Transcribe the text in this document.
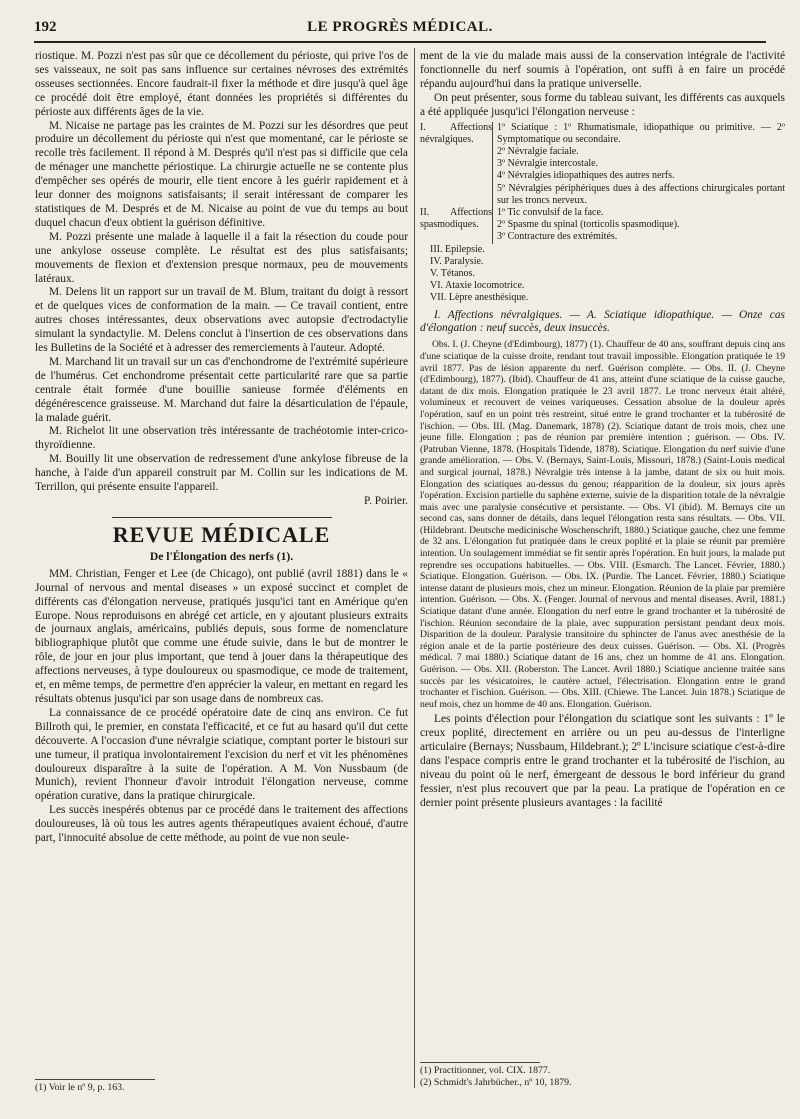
192	LE PROGRÈS MÉDICAL.

riostique. M. Pozzi n'est pas sûr que ce décollement du périoste, qui prive l'os de ses vaisseaux, ne soit pas sans influence sur certaines névroses des extrémités osseuses sectionnées. Encore faudrait-il fixer la méthode et dire jusqu'à quel âge ce procédé doit être employé, étant données les propriétés si différentes du périoste aux différents âges de la vie.

M. Nicaise ne partage pas les craintes de M. Pozzi sur les désordres que peut produire un décollement du périoste qui n'est que momentané, car le périoste se recolle très facilement. Il répond à M. Després qu'il n'est pas si difficile que cela de ménager une manchette périostique. La chirurgie actuelle ne se contente plus d'empêcher ses opérés de mourir, elle tient encore à les guérir rapidement et à leur donner des moignons satisfaisants; il serait intéressant de comparer les statistiques de M. Després et de M. Nicaise au point de vue du temps au bout duquel chacun d'eux obtient la guérison définitive.

M. Pozzi présente une malade à laquelle il a fait la résection du coude pour une ankylose osseuse complète. Le résultat est des plus satisfaisants; mouvements de flexion et d'extension presque normaux, peu de mouvements latéraux.

M. Delens lit un rapport sur un travail de M. Blum, traitant du doigt à ressort et de quelques vices de conformation de la main. — Ce travail contient, entre autres choses intéressantes, deux observations avec autopsie d'ectrodactylie simulant la syndactylie. M. Delens conclut à l'insertion de ces observations dans les Bulletins de la Société et à adresser des remerciements à l'auteur. Adopté.

M. Marchand lit un travail sur un cas d'enchondrome de l'extrémité supérieure de l'humérus. Cet enchondrome présentait cette particularité rare que sa partie centrale était formée d'une bouillie sanieuse formée d'éléments en dégénérescence graisseuse. M. Marchand dut faire la désarticulation de l'épaule, la malade guérit.

M. Richelot lit une observation très intéressante de trachéotomie inter-crico-thyroïdienne.

M. Bouilly lit une observation de redressement d'une ankylose fibreuse de la hanche, à l'aide d'un appareil construit par M. Collin sur les indications de M. Terrillon, qui présente ensuite l'appareil.

P. Poirier.

REVUE MÉDICALE
De l'Élongation des nerfs (1).

MM. Christian, Fenger et Lee (de Chicago), ont publié (avril 1881) dans le « Journal of nervous and mental diseases » un exposé succinct et complet de différents cas d'élongation nerveuse, pratiqués jusqu'ici tant en Amérique qu'en Europe. Nous reproduisons en abrégé cet article, en y ajoutant plusieurs extraits de journaux anglais, américains, publiés depuis, sous forme de nomenclature bibliographique plutôt que comme une étude suivie, dans le but de montrer le rôle, de jour en jour plus important, que tend à jouer dans la thérapeutique des affections nerveuses, à type douloureux ou spasmodique, ce mode de traitement, et, en même temps, de permettre d'en apprécier la valeur, en mettant en regard les résultats obtenus jusqu'ici par son usage dans de nombreux cas.

La connaissance de ce procédé opératoire date de cinq ans environ. Ce fut Billroth qui, le premier, en constata l'efficacité, et ce fut au hasard qu'il dut cette découverte. A l'occasion d'une névralgie sciatique, comptant porter le bistouri sur une tumeur, il pratiqua involontairement l'excision du nerf et vit les phénomènes douloureux disparaître à la suite de l'opération. A M. Von Nussbaum (de Munich), revient l'honneur d'avoir introduit l'élongation nerveuse, comme opération curative, dans la pratique chirurgicale.

Les succès inespérés obtenus par ce procédé dans le traitement des affections douloureuses, là où tous les autres agents thérapeutiques avaient échoué, d'autre part, l'innocuité absolue de cette méthode, au point de vue non seule-

(1) Voir le nº 9, p. 163.

ment de la vie du malade mais aussi de la conservation intégrale de l'activité fonctionnelle du nerf soumis à l'opération, ont suffi à en faire un procédé répandu aujourd'hui dans la pratique universelle.

On peut présenter, sous forme du tableau suivant, les différents cas auxquels a été appliquée jusqu'ici l'élongation nerveuse :

I. Affections névralgiques.
1º Sciatique : 1º Rhumatismale, idiopathique ou primitive. — 2º Symptomatique ou secondaire.
2º Névralgie faciale.
3º Névralgie intercostale.
4º Névralgies idiopathiques des autres nerfs.
5º Névralgies périphériques dues à des affections chirurgicales portant sur les troncs nerveux.
II. Affections spasmodiques.
1º Tic convulsif de la face.
2º Spasme du spinal (torticolis spasmodique).
3º Contracture des extrémités.
III. Epilepsie.
IV. Paralysie.
V. Tétanos.
VI. Ataxie locomotrice.
VII. Lèpre anesthésique.

I. Affections névralgiques. — A. Sciatique idiopathique. — Onze cas d'élongation : neuf succès, deux insuccès.

Obs. I. (J. Cheyne (d'Edimbourg), 1877) (1). Chauffeur de 40 ans, souffrant depuis cinq ans d'une sciatique de la cuisse droite, rendant tout travail impossible. Elongation pratiquée le 19 avril 1877. Pas de lésion apparente du nerf. Guérison complète. — Obs. II. (J. Cheyne (d'Edimbourg), 1877). (Ibid). Chauffeur de 41 ans, atteint d'une sciatique de la cuisse gauche, datant de dix mois. Elongation pratiquée le 23 avril 1877. Le tronc nerveux était altéré, volumineux et recouvert de veines variqueuses. Cessation absolue de la douleur après l'opération, sauf en un point très restreint, situé entre le grand trochanter et la tubérosité de l'ischion. — Obs. III. (Mag. Danemark, 1878) (2). Sciatique datant de trois mois, chez une jeune fille. Elongation ; pas de réunion par première intention ; guérison. — Obs. IV. (Patruban Vienne, 1878. (Hospitals Tidende, 1878). Sciatique. Elongation du nerf suivie d'une grande amélioration. — Obs. V. (Bernays, Saint-Louis, Missouri, 1878.) (Saint-Louis medical and surgical journal, 1878.) Névralgie très intense à la jambe, datant de six ou huit mois. Elongation des sciatiques au-dessus du genou; réapparition de la douleur, six jours après l'opération. Excision partielle du saphène externe, suivie de la disparition totale de la névralgie mais avec une paralysie consécutive et persistante. — Obs. VI (ibid). M. Bernays cite un second cas, sans donner de détails, dans lequel l'élongation resta sans résultats. — Obs. VII. (Hildebrant. Deutsche medicinische Woschenschrift, 1880.) Sciatique gauche, chez une femme de 32 ans. L'élongation fut pratiquée dans le creux poplité et la plaie se réunit par première intention. Un soulagement immédiat se fit sentir après l'opération. En huit jours, la malade put reprendre ses occupations habituelles. — Obs. VIII. (Esmarch. The Lancet. Février, 1880.) Sciatique. Elongation. Guérison. — Obs. IX. (Purdie. The Lancet. Février, 1880.) Sciatique intense datant de plusieurs mois, chez un mineur. Elongation. Réunion de la plaie par première intention. Guérison. — Obs. X. (Fenger. Journal of nervous and mental diseases. Avril, 1881.) Sciatique datant d'une année. Elongation du nerf entre le grand trochanter et la tubérosité de l'ischion. Réunion secondaire de la plaie, avec suppuration persistant pendant deux mois. Disparition de la douleur. Paralysie transitoire du sphincter de l'anus avec anesthésie de la région anale et de la partie postérieure des deux cuisses. Guérison. — Obs. XI. (Progrès médical. 7 mai 1880.) Sciatique datant de 16 ans, chez un homme de 41 ans. Elongation. Guérison. — Obs. XII. (Roberston. The Lancet. Avril 1880.) Sciatique ancienne traitée sans succès par les vésicatoires, le cautère actuel, l'électrisation. Elongation entre le grand trochanter et l'ischion. Guérison. — Obs. XIII. (Chiewe. The Lancet. Juin 1878.) Sciatique de neuf mois, chez un homme de 40 ans. Elongation. Guérison.

Les points d'élection pour l'élongation du sciatique sont les suivants : 1º le creux poplité, directement en arrière ou un peu au-dessus de l'interligne articulaire (Bernays; Nussbaum, Hildebrant.); 2º L'incisure sciatique c'est-à-dire dans l'espace compris entre le grand trochanter et la tubérosité de l'ischion, au niveau du point où le nerf, émergeant de dessous le bord inférieur du grand fessier, n'est plus recouvert que par la peau. La pratique de l'opération en ce dernier point présente plusieurs avantages : la facilité

(1) Practitionner, vol. CIX. 1877.

(2) Schmidt's Jahrbücher., nº 10, 1879.
